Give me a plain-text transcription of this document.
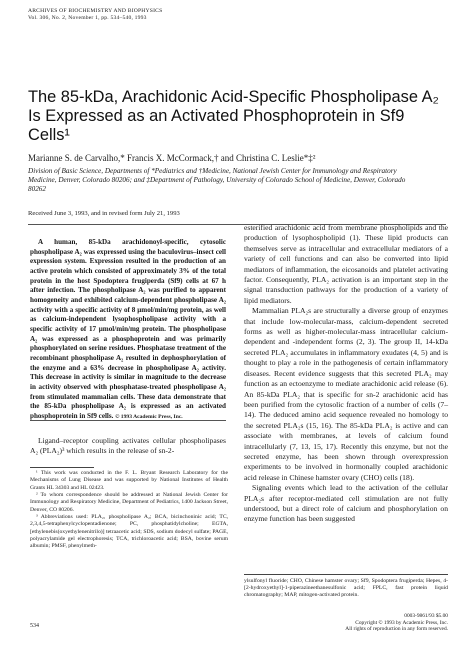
ARCHIVES OF BIOCHEMISTRY AND BIOPHYSICS
Vol. 306, No. 2, November 1, pp. 534–540, 1993
The 85-kDa, Arachidonic Acid-Specific Phospholipase A₂ Is Expressed as an Activated Phosphoprotein in Sf9 Cells¹
Marianne S. de Carvalho,* Francis X. McCormack,† and Christina C. Leslie*‡²
Division of Basic Science, Departments of *Pediatrics and †Medicine, National Jewish Center for Immunology and Respiratory Medicine, Denver, Colorado 80206; and ‡Department of Pathology, University of Colorado School of Medicine, Denver, Colorado 80262
Received June 3, 1993, and in revised form July 21, 1993
A human, 85-kDa arachidonoyl-specific, cytosolic phospholipase A₂ was expressed using the baculovirus–insect cell expression system. Expression resulted in the production of an active protein which consisted of approximately 3% of the total protein in the host Spodoptera frugiperda (Sf9) cells at 67 h after infection. The phospholipase A₂ was purified to apparent homogeneity and exhibited calcium-dependent phospholipase A₂ activity with a specific activity of 8 μmol/min/mg protein, as well as calcium-independent lysophospholipase activity with a specific activity of 17 μmol/min/mg protein. The phospholipase A₂ was expressed as a phosphoprotein and was primarily phosphorylated on serine residues. Phosphatase treatment of the recombinant phospholipase A₂ resulted in dephosphorylation of the enzyme and a 63% decrease in phospholipase A₂ activity. This decrease in activity is similar in magnitude to the decrease in activity observed with phosphatase-treated phospholipase A₂ from stimulated mammalian cells. These data demonstrate that the 85-kDa phospholipase A₂ is expressed as an activated phosphoprotein in Sf9 cells. © 1993 Academic Press, Inc.
Ligand–receptor coupling activates cellular phospholipases A₂ (PLA₂)³ which results in the release of sn-2-

¹ This work was conducted in the F. L. Bryant Research Laboratory for the Mechanisms of Lung Disease and was supported by National Institutes of Health Grants HL 34303 and HL 02423.

² To whom correspondence should be addressed at National Jewish Center for Immunology and Respiratory Medicine, Department of Pediatrics, 1400 Jackson Street, Denver, CO 80206.

³ Abbreviations used: PLA₂, phospholipase A₂; BCA, bicinchoninic acid; TC, 2,3,4,5-tetraphenylcyclopentadienone; PC, phosphatidylcholine; EGTA, [ethylenebis(oxyethylenenitrilo)] tetraacetic acid; SDS, sodium dodecyl sulfate; PAGE, polyacrylamide gel electrophoresis; TCA, trichloroacetic acid; BSA, bovine serum albumin; PMSF, phenylmeth-

esterified arachidonic acid from membrane phospholipids and the production of lysophospholipid (1). These lipid products can themselves serve as intracellular and extracellular mediators of a variety of cell functions and can also be converted into lipid mediators of inflammation, the eicosanoids and platelet activating factor. Consequently, PLA₂ activation is an important step in the signal transduction pathways for the production of a variety of lipid mediators.

Mammalian PLA₂s are structurally a diverse group of enzymes that include low-molecular-mass, calcium-dependent secreted forms as well as higher-molecular-mass intracellular calcium-dependent and -independent forms (2, 3). The group II, 14-kDa secreted PLA₂ accumulates in inflammatory exudates (4, 5) and is thought to play a role in the pathogenesis of certain inflammatory diseases. Recent evidence suggests that this secreted PLA₂ may function as an ectoenzyme to mediate arachidonic acid release (6). An 85-kDa PLA₂ that is specific for sn-2 arachidonic acid has been purified from the cytosolic fraction of a number of cells (7–14). The deduced amino acid sequence revealed no homology to the secreted PLA₂s (15, 16). The 85-kDa PLA₂ is active and can associate with membranes, at levels of calcium found intracellularly (7, 13, 15, 17). Recently this enzyme, but not the secreted enzyme, has been shown through overexpression experiments to be involved in hormonally coupled arachidonic acid release in Chinese hamster ovary (CHO) cells (18).

Signaling events which lead to the activation of the cellular PLA₂s after receptor-mediated cell stimulation are not fully understood, but a direct role of calcium and phosphorylation on enzyme function has been suggested

ylsulfonyl fluoride; CHO, Chinese hamster ovary; Sf9, Spodoptera frugiperda; Hepes, 4-[2-hydroxyethyl]-1-piperazineethanesulfonic acid; FPLC, fast protein liquid chromatography; MAP, mitogen-activated protein.
534
0003-9861/93 $5.00
Copyright © 1993 by Academic Press, Inc.
All rights of reproduction in any form reserved.
